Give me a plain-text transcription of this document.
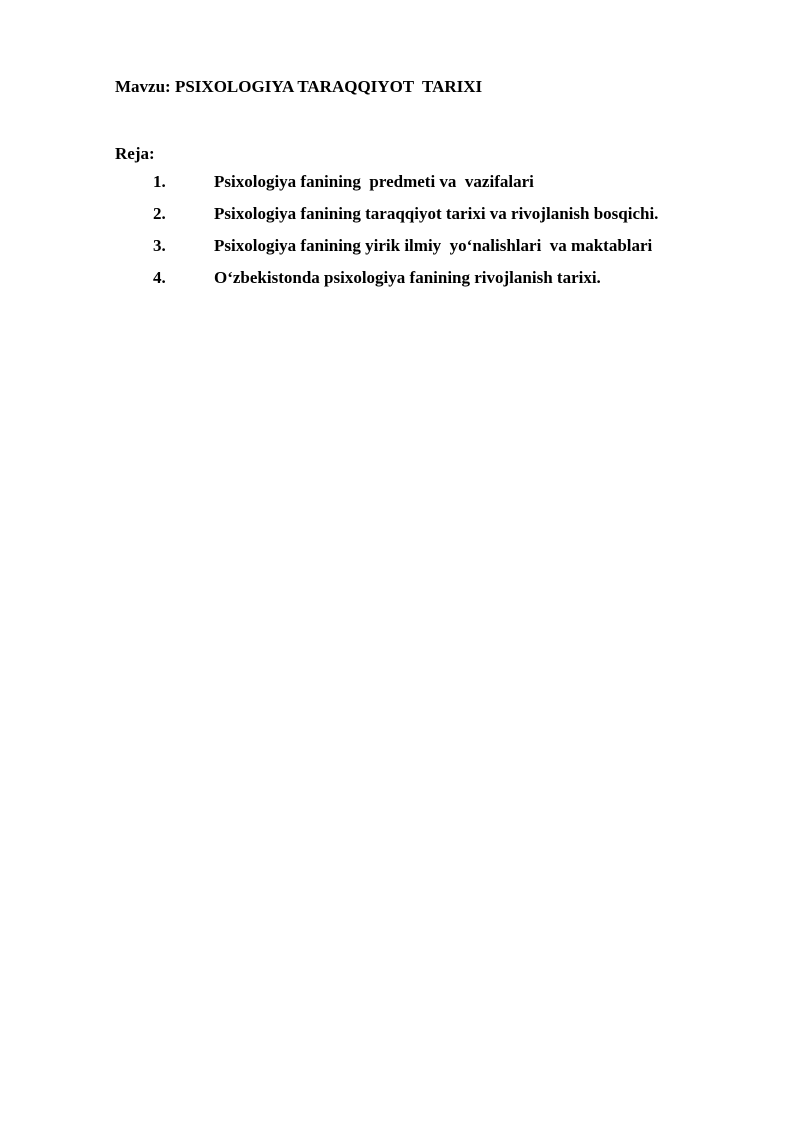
Mavzu: PSIXOLOGIYA TARAQQIYOT  TARIXI
Reja:
1.	Psixologiya fanining  predmeti va  vazifalari
2.	Psixologiya fanining taraqqiyot tarixi va rivojlanish bosqichi.
3.	Psixologiya fanining yirik ilmiy  yo‘nalishlari  va maktablari
4.	O‘zbekistonda psixologiya fanining rivojlanish tarixi.
